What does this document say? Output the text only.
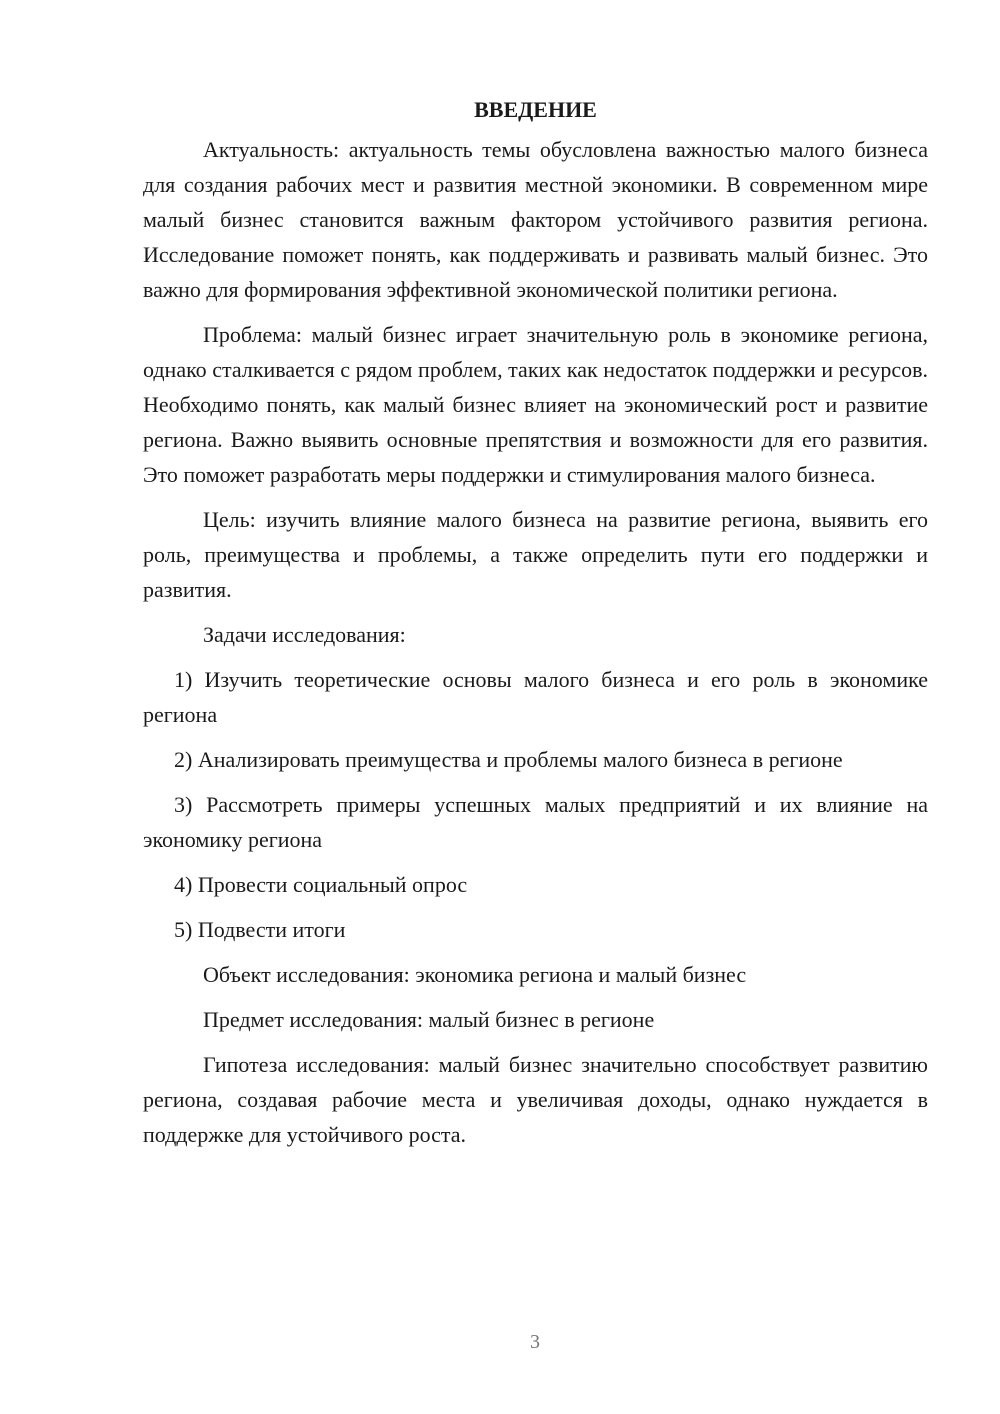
ВВЕДЕНИЕ

Актуальность: актуальность темы обусловлена важностью малого бизнеса для создания рабочих мест и развития местной экономики. В современном мире малый бизнес становится важным фактором устойчивого развития региона. Исследование поможет понять, как поддерживать и развивать малый бизнес. Это важно для формирования эффективной экономической политики региона.

Проблема: малый бизнес играет значительную роль в экономике региона, однако сталкивается с рядом проблем, таких как недостаток поддержки и ресурсов. Необходимо понять, как малый бизнес влияет на экономический рост и развитие региона. Важно выявить основные препятствия и возможности для его развития. Это поможет разработать меры поддержки и стимулирования малого бизнеса.

Цель: изучить влияние малого бизнеса на развитие региона, выявить его роль, преимущества и проблемы, а также определить пути его поддержки и развития.

Задачи исследования:

1) Изучить теоретические основы малого бизнеса и его роль в экономике региона

2) Анализировать преимущества и проблемы малого бизнеса в регионе

3) Рассмотреть примеры успешных малых предприятий и их влияние на экономику региона

4) Провести социальный опрос

5) Подвести итоги

Объект исследования: экономика региона и малый бизнес

Предмет исследования: малый бизнес в регионе

Гипотеза исследования: малый бизнес значительно способствует развитию региона, создавая рабочие места и увеличивая доходы, однако нуждается в поддержке для устойчивого роста.

3
